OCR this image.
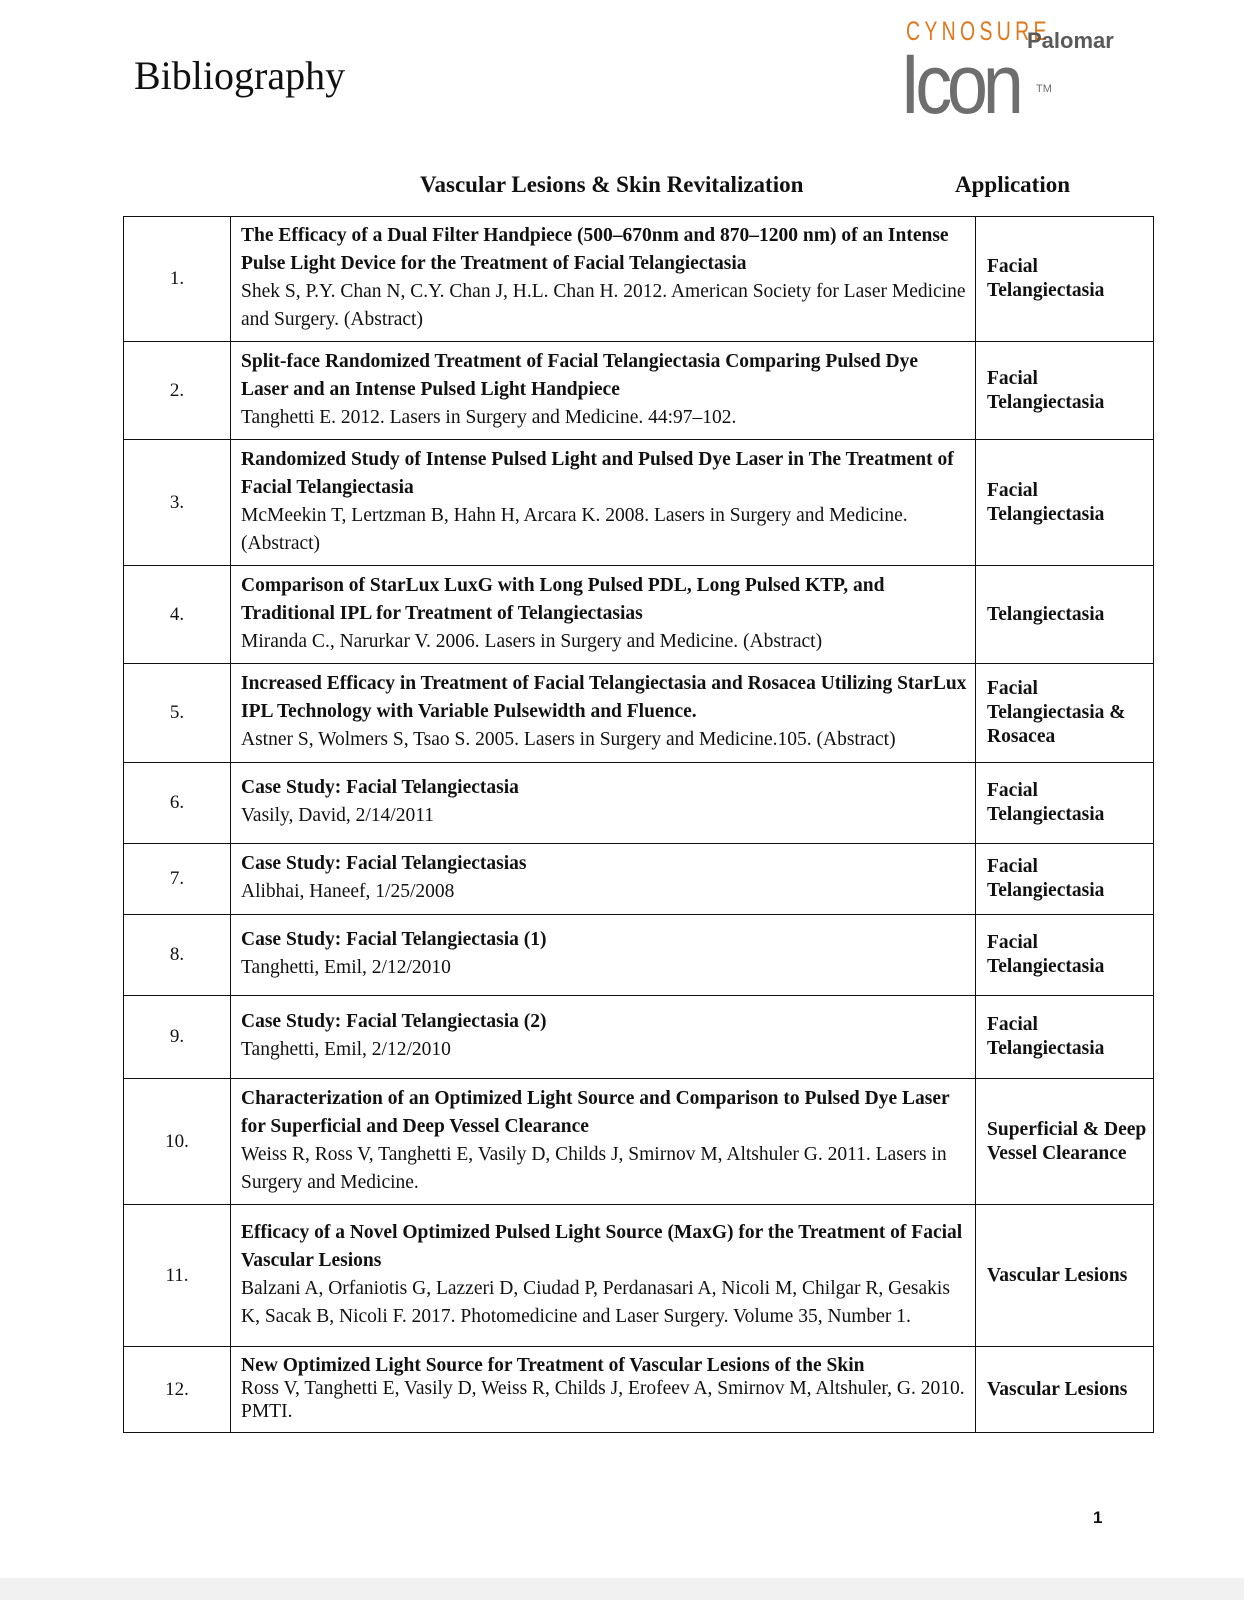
Bibliography
CYNOSURE
Palomar
Icon TM
Vascular Lesions & Skin Revitalization	Application
1.	The Efficacy of a Dual Filter Handpiece (500–670nm and 870–1200 nm) of an Intense Pulse Light Device for the Treatment of Facial Telangiectasia
Shek S, P.Y. Chan N, C.Y. Chan J, H.L. Chan H. 2012. American Society for Laser Medicine and Surgery. (Abstract)	Facial Telangiectasia
2.	Split-face Randomized Treatment of Facial Telangiectasia Comparing Pulsed Dye Laser and an Intense Pulsed Light Handpiece
Tanghetti E. 2012. Lasers in Surgery and Medicine. 44:97–102.	Facial Telangiectasia
3.	Randomized Study of Intense Pulsed Light and Pulsed Dye Laser in The Treatment of Facial Telangiectasia
McMeekin T, Lertzman B, Hahn H, Arcara K. 2008. Lasers in Surgery and Medicine. (Abstract)	Facial Telangiectasia
4.	Comparison of StarLux LuxG with Long Pulsed PDL, Long Pulsed KTP, and Traditional IPL for Treatment of Telangiectasias
Miranda C., Narurkar V. 2006. Lasers in Surgery and Medicine. (Abstract)	Telangiectasia
5.	Increased Efficacy in Treatment of Facial Telangiectasia and Rosacea Utilizing StarLux IPL Technology with Variable Pulsewidth and Fluence.
Astner S, Wolmers S, Tsao S. 2005. Lasers in Surgery and Medicine.105. (Abstract)	Facial Telangiectasia & Rosacea
6.	Case Study: Facial Telangiectasia
Vasily, David, 2/14/2011	Facial Telangiectasia
7.	Case Study: Facial Telangiectasias
Alibhai, Haneef, 1/25/2008	Facial Telangiectasia
8.	Case Study: Facial Telangiectasia (1)
Tanghetti, Emil, 2/12/2010	Facial Telangiectasia
9.	Case Study: Facial Telangiectasia (2)
Tanghetti, Emil, 2/12/2010	Facial Telangiectasia
10.	Characterization of an Optimized Light Source and Comparison to Pulsed Dye Laser for Superficial and Deep Vessel Clearance
Weiss R, Ross V, Tanghetti E, Vasily D, Childs J, Smirnov M, Altshuler G. 2011. Lasers in Surgery and Medicine.	Superficial & Deep Vessel Clearance
11.	Efficacy of a Novel Optimized Pulsed Light Source (MaxG) for the Treatment of Facial Vascular Lesions
Balzani A, Orfaniotis G, Lazzeri D, Ciudad P, Perdanasari A, Nicoli M, Chilgar R, Gesakis K, Sacak B, Nicoli F. 2017. Photomedicine and Laser Surgery. Volume 35, Number 1.	Vascular Lesions
12.	New Optimized Light Source for Treatment of Vascular Lesions of the Skin
Ross V, Tanghetti E, Vasily D, Weiss R, Childs J, Erofeev A, Smirnov M, Altshuler, G. 2010. PMTI.	Vascular Lesions
1
